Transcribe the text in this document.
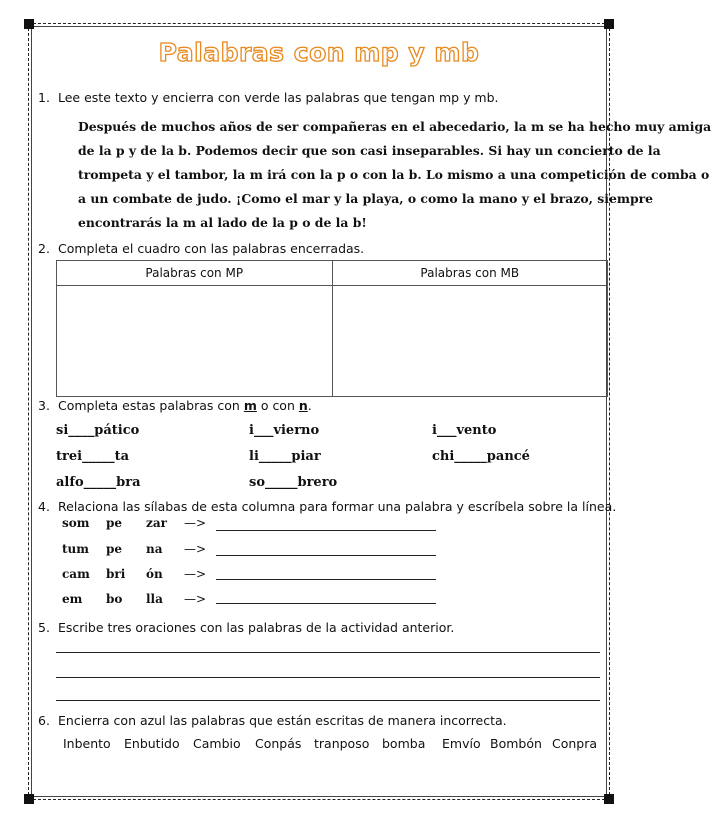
Palabras con mp y mb
1. Lee este texto y encierra con verde las palabras que tengan mp y mb.
Después de muchos años de ser compañeras en el abecedario, la m se ha hecho muy amiga
de la p y de la b. Podemos decir que son casi inseparables. Si hay un concierto de la
trompeta y el tambor, la m irá con la p o con la b. Lo mismo a una competición de comba o
a un combate de judo. ¡Como el mar y la playa, o como la mano y el brazo, siempre
encontrarás la m al lado de la p o de la b!
2. Completa el cuadro con las palabras encerradas.
Palabras con MP	Palabras con MB

3. Completa estas palabras con m o con n.
si____pático	i___vierno	i___vento
trei_____ta	li_____piar	chi_____pancé
alfo_____bra	so_____brero
4. Relaciona las sílabas de esta columna para formar una palabra y escríbela sobre la línea.
som pe zar —>
tum pe na —>
cam bri ón —>
em bo lla —>
5. Escribe tres oraciones con las palabras de la actividad anterior.
6. Encierra con azul las palabras que están escritas de manera incorrecta.
Inbento Enbutido Cambio Conpás tranposo bomba Emvío Bombón Conpra
